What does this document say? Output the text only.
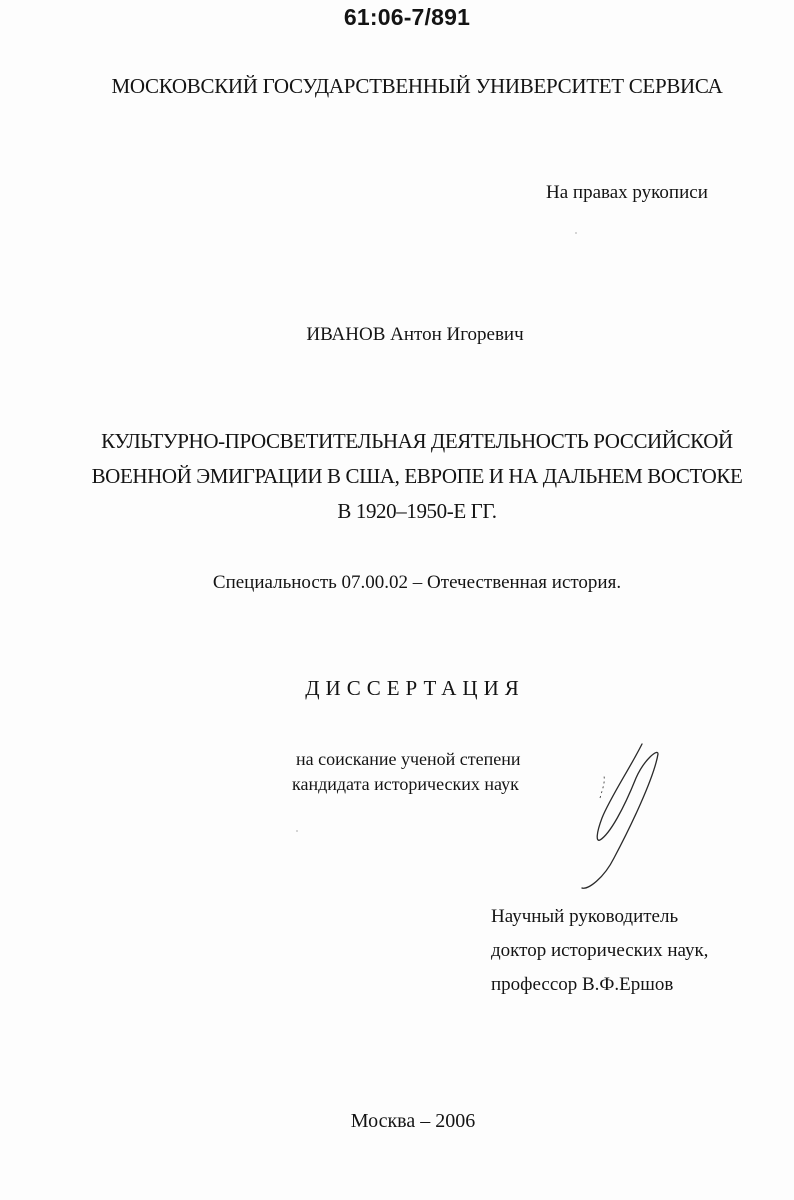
61:06-7/891
МОСКОВСКИЙ ГОСУДАРСТВЕННЫЙ УНИВЕРСИТЕТ СЕРВИСА
На правах рукописи
ИВАНОВ Антон Игоревич
КУЛЬТУРНО-ПРОСВЕТИТЕЛЬНАЯ ДЕЯТЕЛЬНОСТЬ РОССИЙСКОЙ
ВОЕННОЙ ЭМИГРАЦИИ В США, ЕВРОПЕ И НА ДАЛЬНЕМ ВОСТОКЕ
В 1920–1950-Е ГГ.
Специальность 07.00.02 – Отечественная история.
ДИССЕРТАЦИЯ
на соискание ученой степени
кандидата исторических наук
Научный руководитель
доктор исторических наук,
профессор В.Ф.Ершов
Москва – 2006
